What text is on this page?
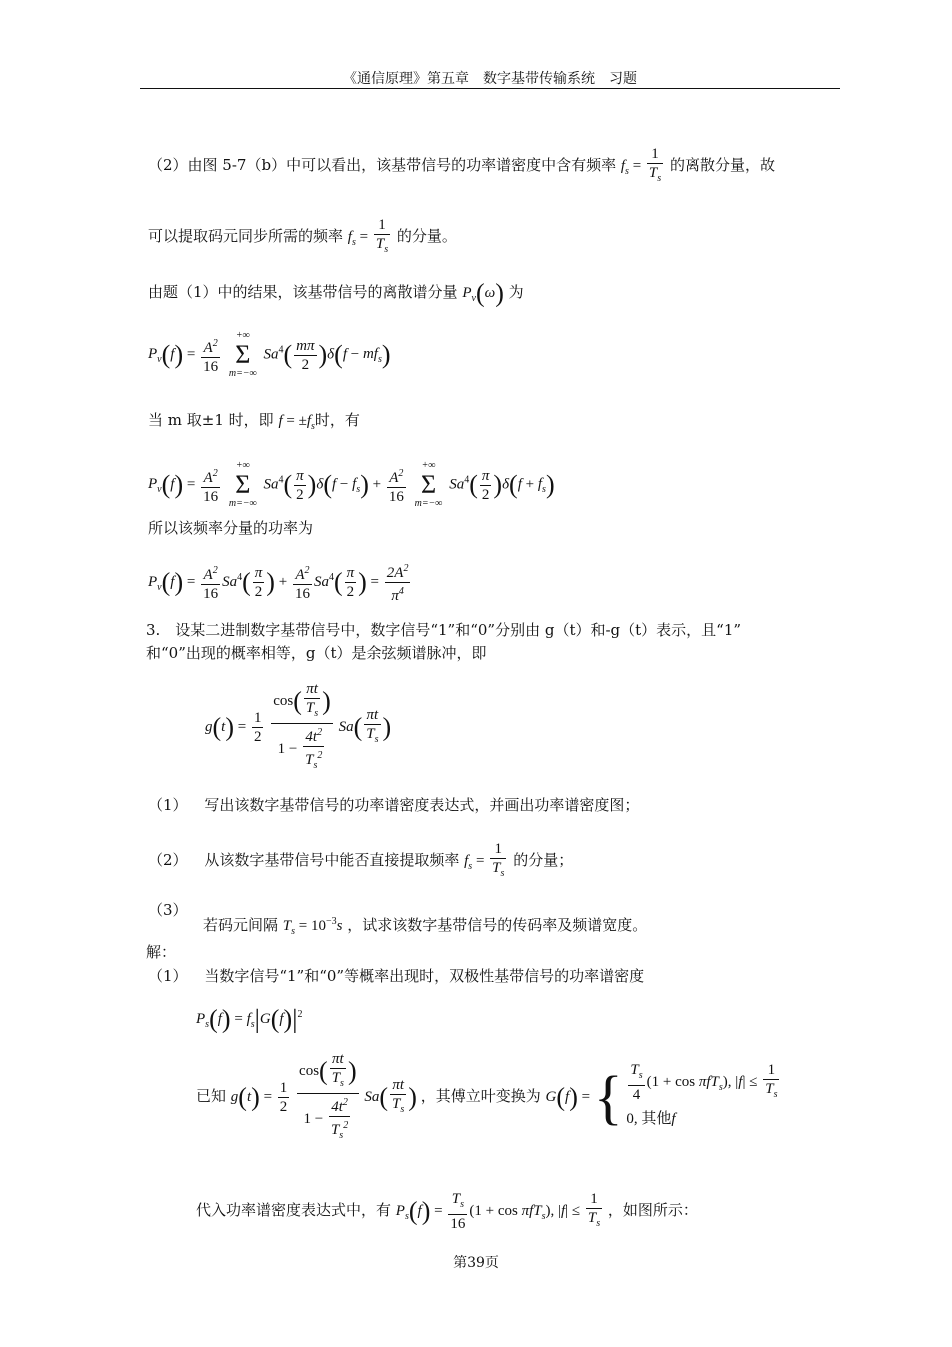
《通信原理》第五章　数字基带传输系统　习题
（2）由图 5-7（b）中可以看出，该基带信号的功率谱密度中含有频率 $f_s = \frac{1}{T_s}$ 的离散分量，故
可以提取码元同步所需的频率 $f_s = \frac{1}{T_s}$ 的分量。
由题（1）中的结果，该基带信号的离散谱分量 $P_v(\omega)$ 为
$P_v(f) = \frac{A^2}{16}$
	+∞
Σ
m=−∞
$Sa^4( \frac{m\pi}{2} )\delta(f - mf_s)$
当 m 取±1 时，即 $f = \pm f_s$时，有
$P_v(f) = \frac{A^2}{16}$
	+∞
Σ
m=−∞
$Sa^4( \frac{\pi}{2} )\delta(f - f_s) + \frac{A^2}{16}$
	+∞
Σ
m=−∞
$Sa^4( \frac{\pi}{2} )\delta(f + f_s)$
所以该频率分量的功率为
$P_v(f) = \frac{A^2}{16} Sa^4( \frac{\pi}{2}$ ) + $\frac{A^2}{16} Sa^4( \frac{\pi}{2}$ ) = $\frac{2A^2}{\pi^4}$
3.　设某二进制数字基带信号中，数字信号“1”和“0”分别由 g（t）和-g（t）表示，且“1”
和“0”出现的概率相等，g（t）是余弦频谱脉冲，即
$g(t) = \frac{1}{2}$
$\frac{\cos( \frac{\pi t}{T_s} )}{1 - \frac{4t^2}{T_s^2}} Sa( \frac{\pi t}{T_s}$ )
（1） 写出该数字基带信号的功率谱密度表达式，并画出功率谱密度图；
（2） 从该数字基带信号中能否直接提取频率 $f_s = \frac{1}{T_s}$ 的分量；
（3）
若码元间隔 $T_s = 10^{-3}s$ ，试求该数字基带信号的传码率及频谱宽度。
解：
（1） 当数字信号“1”和“0”等概率出现时，双极性基带信号的功率谱密度
$P_s(f) = f_s|G(f)|^2$
已知 $g(t) = \frac{1}{2}$
$\frac{\cos( \frac{\pi t}{T_s} )}{1 - \frac{4t^2}{T_s^2}} Sa( \frac{\pi t}{T_s}$ ) ，其傅立叶变换为 G(f) = { $\frac{T_s}{4} (1 + \cos \pi fT_s)$, $|f| \le \frac{1}{T_s}$
0, 其他f
代入功率谱密度表达式中，有 $P_s(f) = \frac{T_s}{16} (1 + \cos \pi fT_s)$, $|f| \le \frac{1}{T_s}$ ，如图所示：
第39页
